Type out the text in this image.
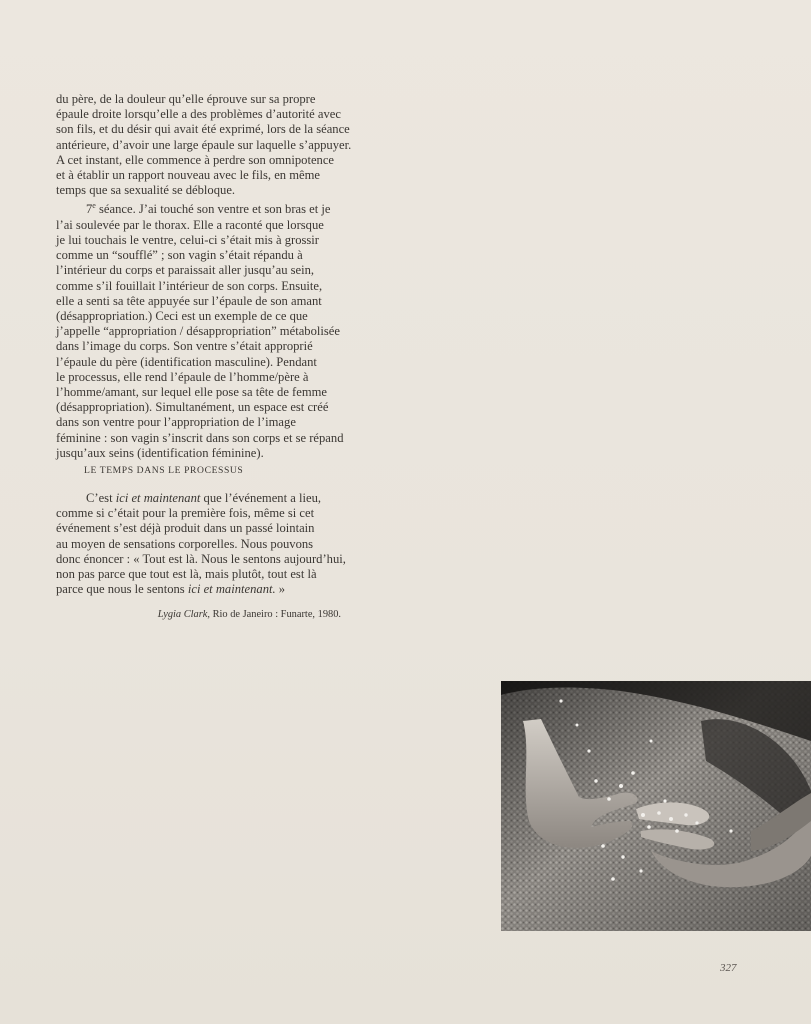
du père, de la douleur qu’elle éprouve sur sa propre
épaule droite lorsqu’elle a des problèmes d’autorité avec
son fils, et du désir qui avait été exprimé, lors de la séance
antérieure, d’avoir une large épaule sur laquelle s’appuyer.
A cet instant, elle commence à perdre son omnipotence
et à établir un rapport nouveau avec le fils, en même
temps que sa sexualité se débloque.
7e séance. J’ai touché son ventre et son bras et je
l’ai soulevée par le thorax. Elle a raconté que lorsque
je lui touchais le ventre, celui-ci s’était mis à grossir
comme un “soufflé” ; son vagin s’était répandu à
l’intérieur du corps et paraissait aller jusqu’au sein,
comme s’il fouillait l’intérieur de son corps. Ensuite,
elle a senti sa tête appuyée sur l’épaule de son amant
(désappropriation.) Ceci est un exemple de ce que
j’appelle “appropriation / désappropriation” métabolisée
dans l’image du corps. Son ventre s’était approprié
l’épaule du père (identification masculine). Pendant
le processus, elle rend l’épaule de l’homme/père à
l’homme/amant, sur lequel elle pose sa tête de femme
(désappropriation). Simultanément, un espace est créé
dans son ventre pour l’appropriation de l’image
féminine : son vagin s’inscrit dans son corps et se répand
jusqu’aux seins (identification féminine).
LE TEMPS DANS LE PROCESSUS
C’est ici et maintenant que l’événement a lieu,
comme si c’était pour la première fois, même si cet
événement s’est déjà produit dans un passé lointain
au moyen de sensations corporelles. Nous pouvons
donc énoncer : « Tout est là. Nous le sentons aujourd’hui,
non pas parce que tout est là, mais plutôt, tout est là
parce que nous le sentons ici et maintenant. »
Lygia Clark, Rio de Janeiro : Funarte, 1980.
327
